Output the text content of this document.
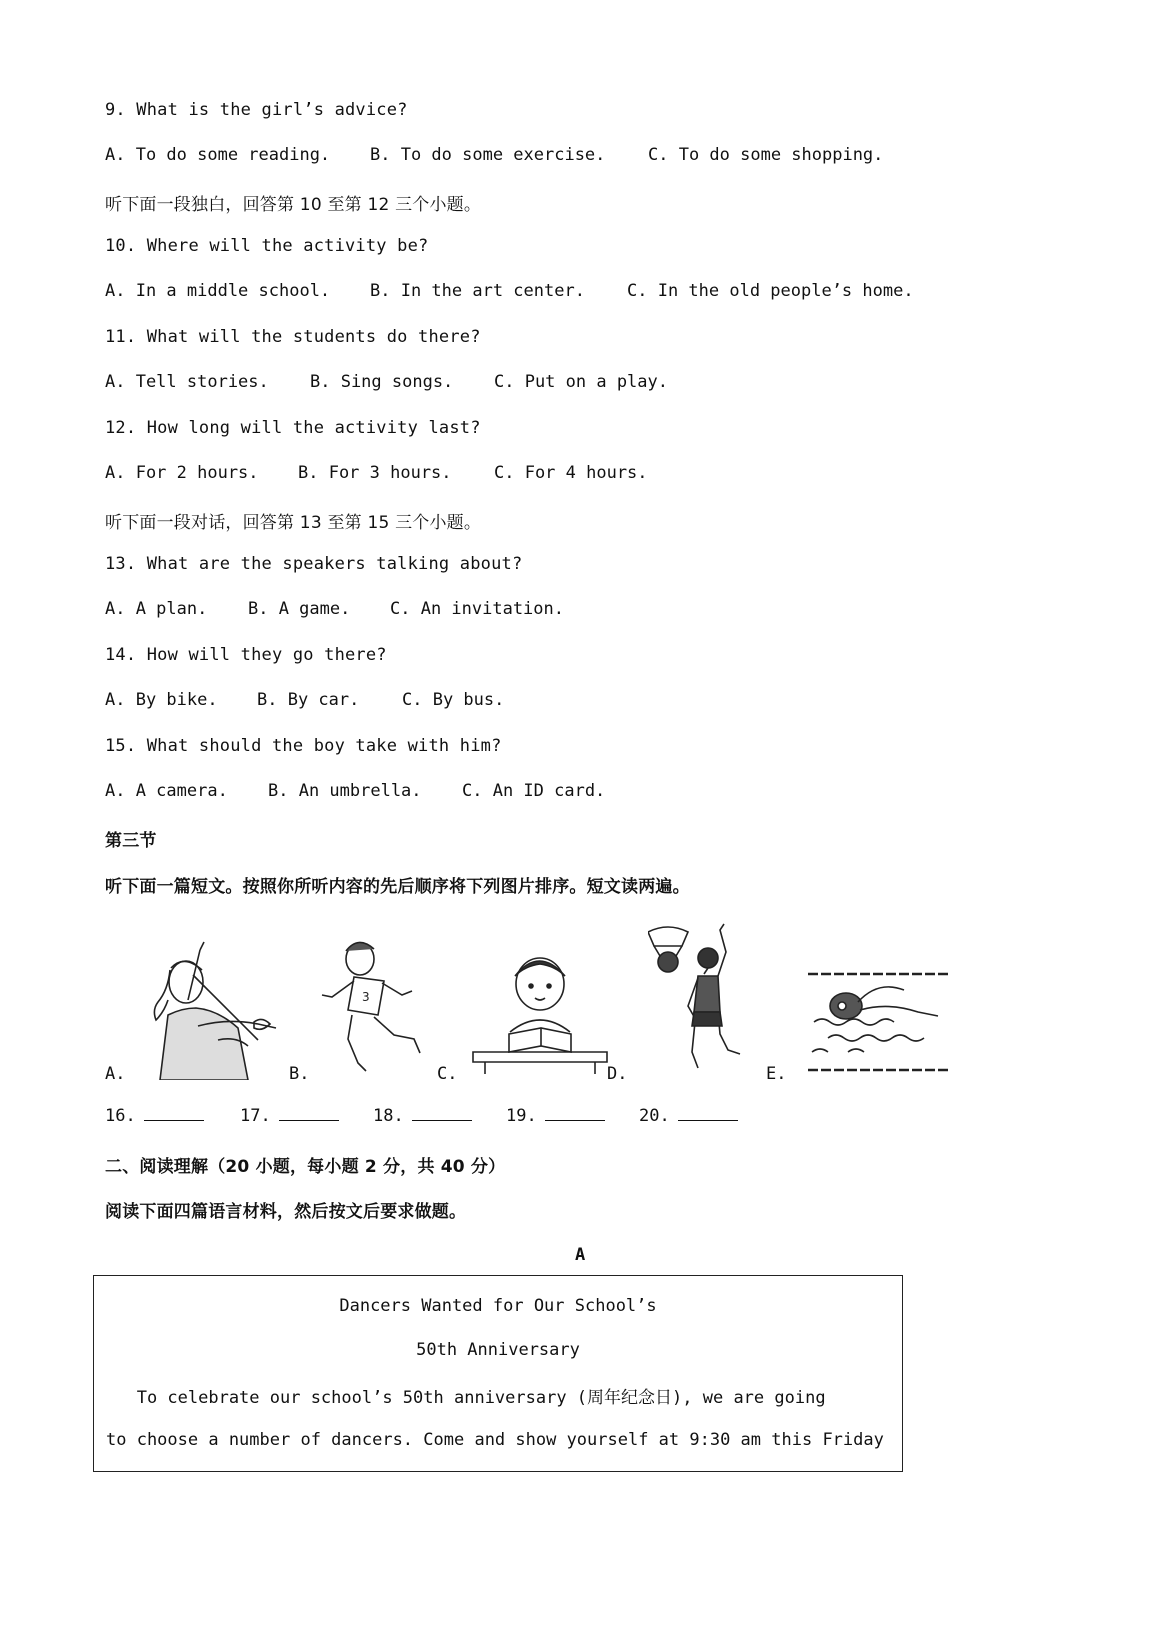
9. What is the girl’s advice?
A. To do some reading. B. To do some exercise.	C. To do some shopping.
听下面一段独白，回答第 10 至第 12 三个小题。
10. Where will the activity be?
A. In a middle school. B. In the art center. C. In the old people’s home.
11. What will the students do there?
A. Tell stories. B. Sing songs. C. Put on a play.
12. How long will the activity last?
A. For 2 hours. B. For 3 hours. C. For 4 hours.
听下面一段对话，回答第 13 至第 15 三个小题。
13. What are the speakers talking about?
A. A plan. B. A game. C. An invitation.
14. How will they go there?
A. By bike. B. By car.	C. By bus.
15. What should the boy take with him?
A. A camera. B. An umbrella. C. An ID card.
第三节
听下面一篇短文。按照你所听内容的先后顺序将下列图片排序。短文读两遍。
A.	B.
3
C.	D.	E.
16.	17.	18.	19.	20.
二、阅读理解（20 小题，每小题 2 分，共 40 分）
阅读下面四篇语言材料，然后按文后要求做题。
A
Dancers Wanted for Our School’s
50th Anniversary
To celebrate our school’s 50th anniversary (周年纪念日), we are going
to choose a number of dancers. Come and show yourself at 9:30 am this Friday
